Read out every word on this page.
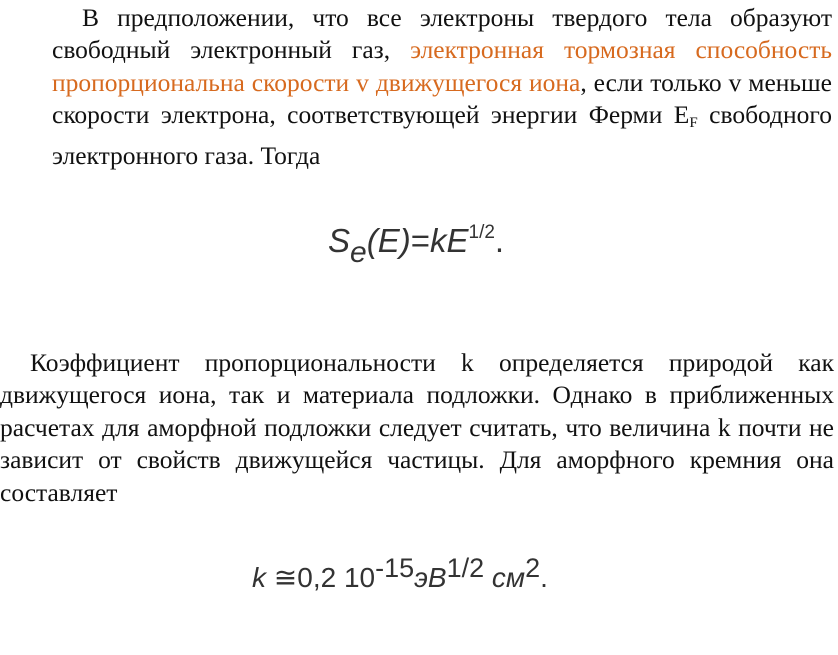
В предположении, что все электроны твердого тела образуют свободный электронный газ, электронная тормозная способность пропорциональна скорости v движущегося иона, если только v меньше скорости электрона, соответствующей энергии Ферми $E_F$ свободного электронного газа. Тогда

$Se(E)=kE^{1/2}$.

Коэффициент пропорциональности k определяется природой как движущегося иона, так и материала подложки. Однако в приближенных расчетах для аморфной подложки следует считать, что величина k почти не зависит от свойств движущейся частицы. Для аморфного кремния она составляет

k ≅0,2 10-15эВ1/2 см2.
